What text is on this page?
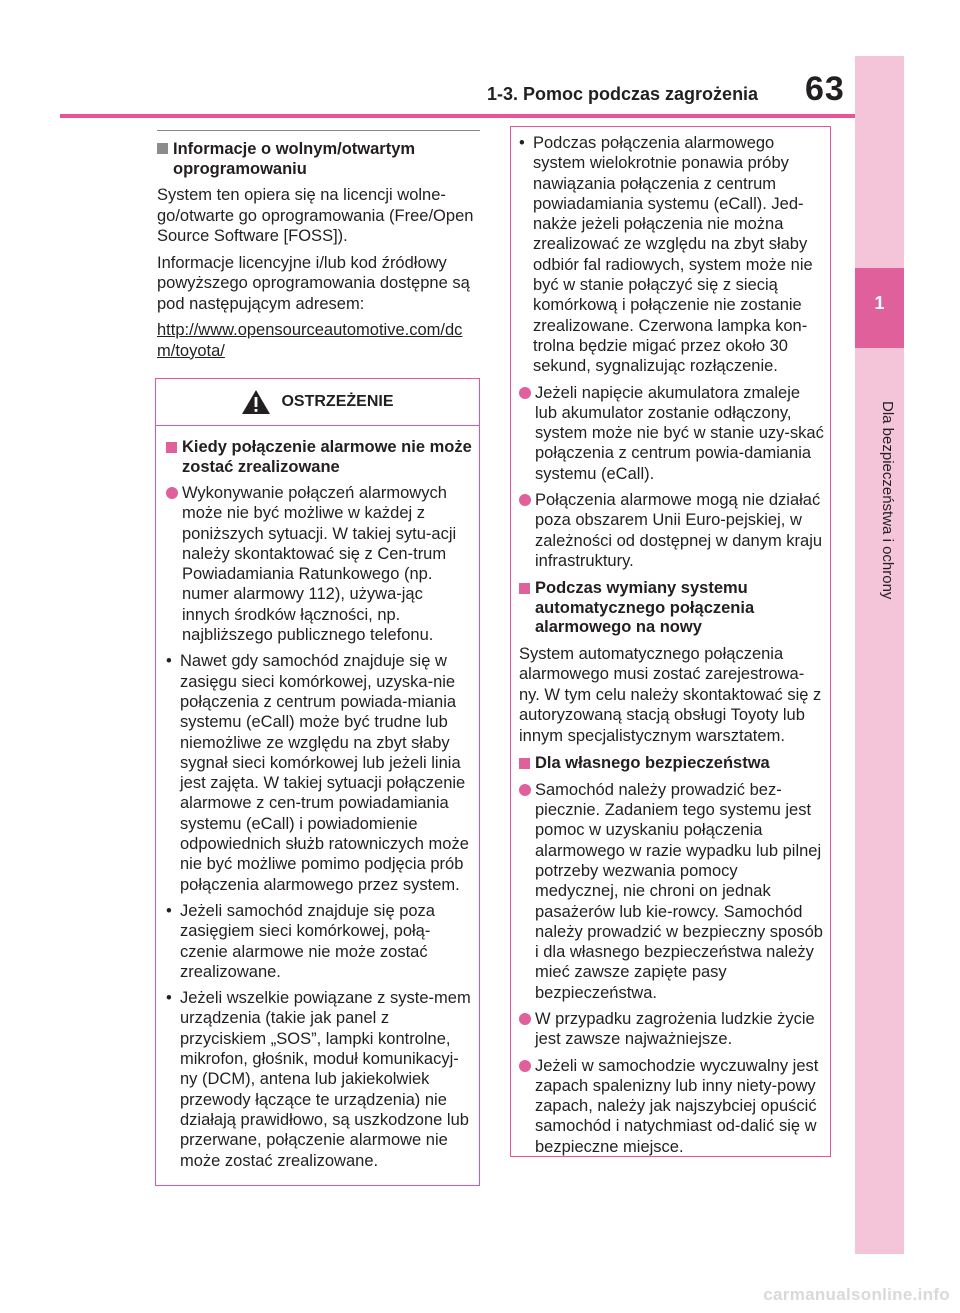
1
Dla bezpieczeństwa i ochrony
1-3. Pomoc podczas zagrożenia	63
Informacje o wolnym/otwartym oprogramowaniu
System ten opiera się na licencji wolne-go/otwarte go oprogramowania (Free/Open Source Software [FOSS]).
Informacje licencyjne i/lub kod źródłowy powyższego oprogramowania dostępne są pod następującym adresem:
http://www.opensourceautomotive.com/dcm/toyota/
OSTRZEŻENIE
Kiedy połączenie alarmowe nie może zostać zrealizowane
Wykonywanie połączeń alarmowych może nie być możliwe w każdej z poniższych sytuacji. W takiej sytu-acji należy skontaktować się z Cen-trum Powiadamiania Ratunkowego (np. numer alarmowy 112), używa-jąc innych środków łączności, np. najbliższego publicznego telefonu.
• Nawet gdy samochód znajduje się w zasięgu sieci komórkowej, uzyska-nie połączenia z centrum powiada-miania systemu (eCall) może być trudne lub niemożliwe ze względu na zbyt słaby sygnał sieci komórkowej lub jeżeli linia jest zajęta. W takiej sytuacji połączenie alarmowe z cen-trum powiadamiania systemu (eCall) i powiadomienie odpowiednich służb ratowniczych może nie być możliwe pomimo podjęcia prób połączenia alarmowego przez system.
• Jeżeli samochód znajduje się poza zasięgiem sieci komórkowej, połą-czenie alarmowe nie może zostać zrealizowane.
• Jeżeli wszelkie powiązane z syste-mem urządzenia (takie jak panel z przyciskiem „SOS”, lampki kontrolne, mikrofon, głośnik, moduł komunikacyj-ny (DCM), antena lub jakiekolwiek przewody łączące te urządzenia) nie działają prawidłowo, są uszkodzone lub przerwane, połączenie alarmowe nie może zostać zrealizowane.
• Podczas połączenia alarmowego system wielokrotnie ponawia próby nawiązania połączenia z centrum powiadamiania systemu (eCall). Jed-nakże jeżeli połączenia nie można zrealizować ze względu na zbyt słaby odbiór fal radiowych, system może nie być w stanie połączyć się z siecią komórkową i połączenie nie zostanie zrealizowane. Czerwona lampka kon-trolna będzie migać przez około 30 sekund, sygnalizując rozłączenie.
Jeżeli napięcie akumulatora zmaleje lub akumulator zostanie odłączony, system może nie być w stanie uzy-skać połączenia z centrum powia-damiania systemu (eCall).
Połączenia alarmowe mogą nie działać poza obszarem Unii Euro-pejskiej, w zależności od dostępnej w danym kraju infrastruktury.
Podczas wymiany systemu automatycznego połączenia alarmowego na nowy
System automatycznego połączenia alarmowego musi zostać zarejestrowa-ny. W tym celu należy skontaktować się z autoryzowaną stacją obsługi Toyoty lub innym specjalistycznym warsztatem.
Dla własnego bezpieczeństwa
Samochód należy prowadzić bez-piecznie. Zadaniem tego systemu jest pomoc w uzyskaniu połączenia alarmowego w razie wypadku lub pilnej potrzeby wezwania pomocy medycznej, nie chroni on jednak pasażerów lub kie-rowcy. Samochód należy prowadzić w bezpieczny sposób i dla własnego bezpieczeństwa należy mieć zawsze zapięte pasy bezpieczeństwa.
W przypadku zagrożenia ludzkie życie jest zawsze najważniejsze.
Jeżeli w samochodzie wyczuwalny jest zapach spalenizny lub inny niety-powy zapach, należy jak najszybciej opuścić samochód i natychmiast od-dalić się w bezpieczne miejsce.
carmanualsonline.info
